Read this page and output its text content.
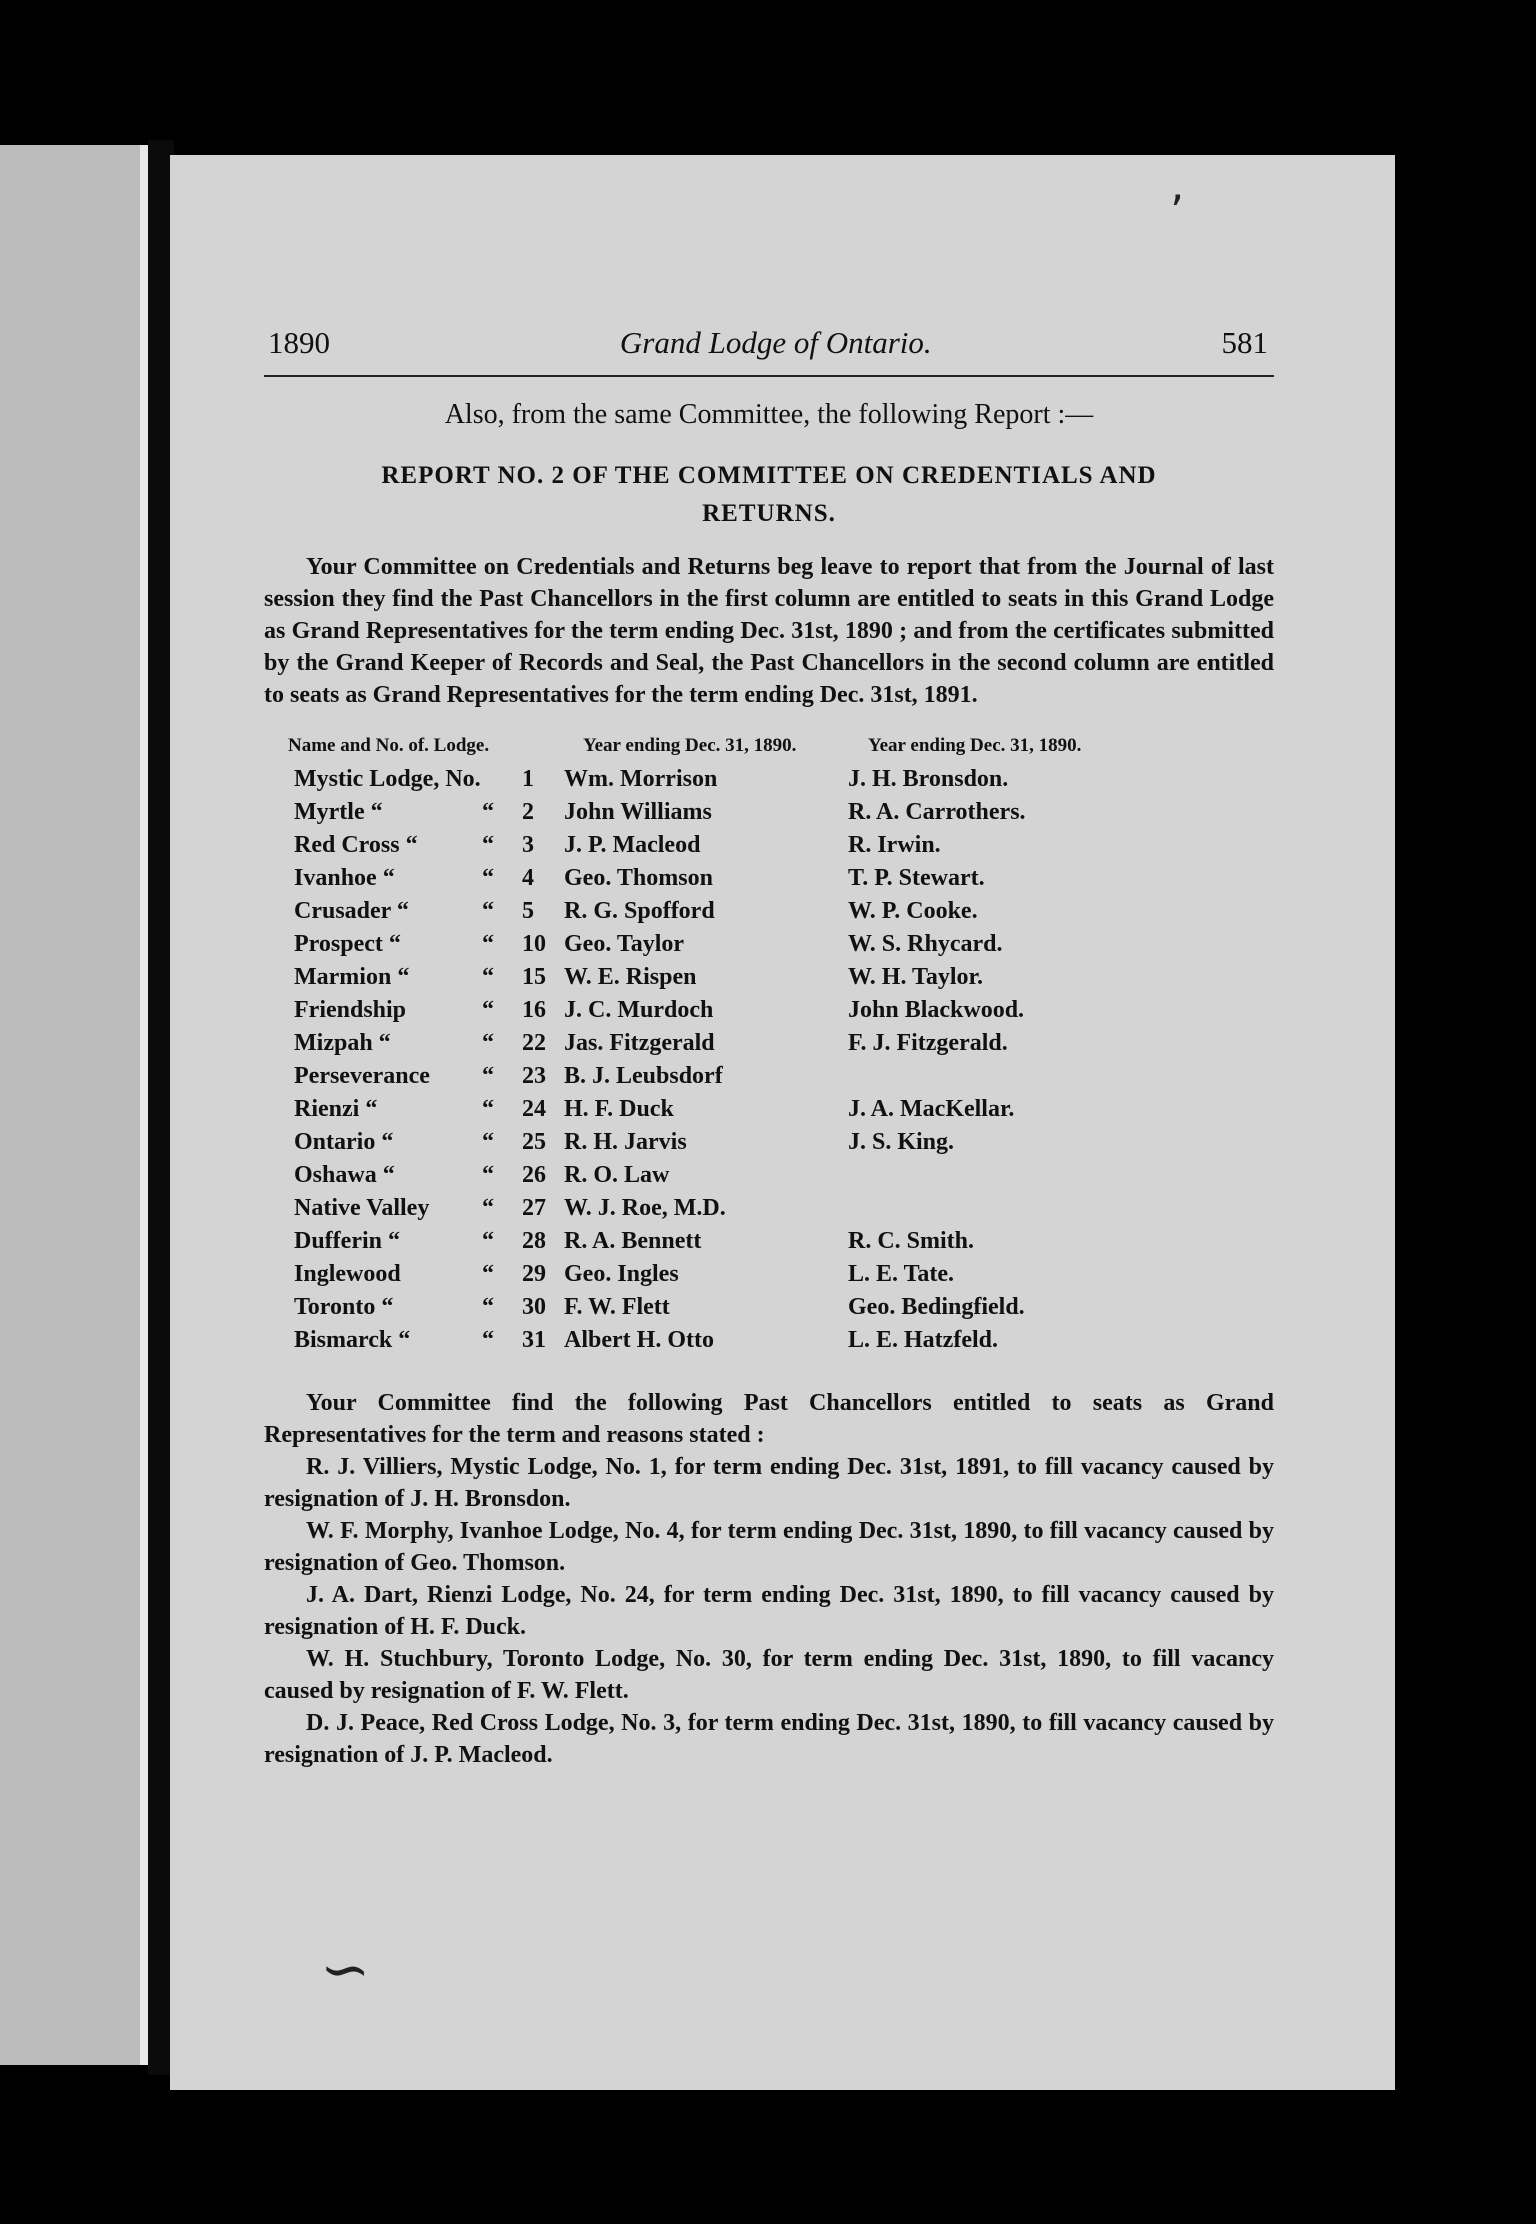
‚
∽
1890	Grand Lodge of Ontario.	581
Also, from the same Committee, the following Report :—
REPORT NO. 2 OF THE COMMITTEE ON CREDENTIALS AND
RETURNS.

Your Committee on Credentials and Returns beg leave to report that from the Journal of last session they find the Past Chancellors in the first column are entitled to seats in this Grand Lodge as Grand Representatives for the term ending Dec. 31st, 1890 ; and from the certificates submitted by the Grand Keeper of Records and Seal, the Past Chancellors in the second column are entitled to seats as Grand Representatives for the term ending Dec. 31st, 1891.

Name and No. of. Lodge.	Year ending Dec. 31, 1890.	Year ending Dec. 31, 1890.
Mystic Lodge, No.		1	Wm. Morrison	J. H. Bronsdon.
Myrtle “	“	2	John Williams	R. A. Carrothers.
Red Cross “	“	3	J. P. Macleod	R. Irwin.
Ivanhoe “	“	4	Geo. Thomson	T. P. Stewart.
Crusader “	“	5	R. G. Spofford	W. P. Cooke.
Prospect “	“	10	Geo. Taylor	W. S. Rhycard.
Marmion “	“	15	W. E. Rispen	W. H. Taylor.
Friendship	“	16	J. C. Murdoch	John Blackwood.
Mizpah “	“	22	Jas. Fitzgerald	F. J. Fitzgerald.
Perseverance	“	23	B. J. Leubsdorf	
Rienzi “	“	24	H. F. Duck	J. A. MacKellar.
Ontario “	“	25	R. H. Jarvis	J. S. King.
Oshawa “	“	26	R. O. Law	
Native Valley	“	27	W. J. Roe, M.D.	
Dufferin “	“	28	R. A. Bennett	R. C. Smith.
Inglewood	“	29	Geo. Ingles	L. E. Tate.
Toronto “	“	30	F. W. Flett	Geo. Bedingfield.
Bismarck “	“	31	Albert H. Otto	L. E. Hatzfeld.

Your Committee find the following Past Chancellors entitled to seats as Grand Representatives for the term and reasons stated :

R. J. Villiers, Mystic Lodge, No. 1, for term ending Dec. 31st, 1891, to fill vacancy caused by resignation of J. H. Bronsdon.

W. F. Morphy, Ivanhoe Lodge, No. 4, for term ending Dec. 31st, 1890, to fill vacancy caused by resignation of Geo. Thomson.

J. A. Dart, Rienzi Lodge, No. 24, for term ending Dec. 31st, 1890, to fill vacancy caused by resignation of H. F. Duck.

W. H. Stuchbury, Toronto Lodge, No. 30, for term ending Dec. 31st, 1890, to fill vacancy caused by resignation of F. W. Flett.

D. J. Peace, Red Cross Lodge, No. 3, for term ending Dec. 31st, 1890, to fill vacancy caused by resignation of J. P. Macleod.
